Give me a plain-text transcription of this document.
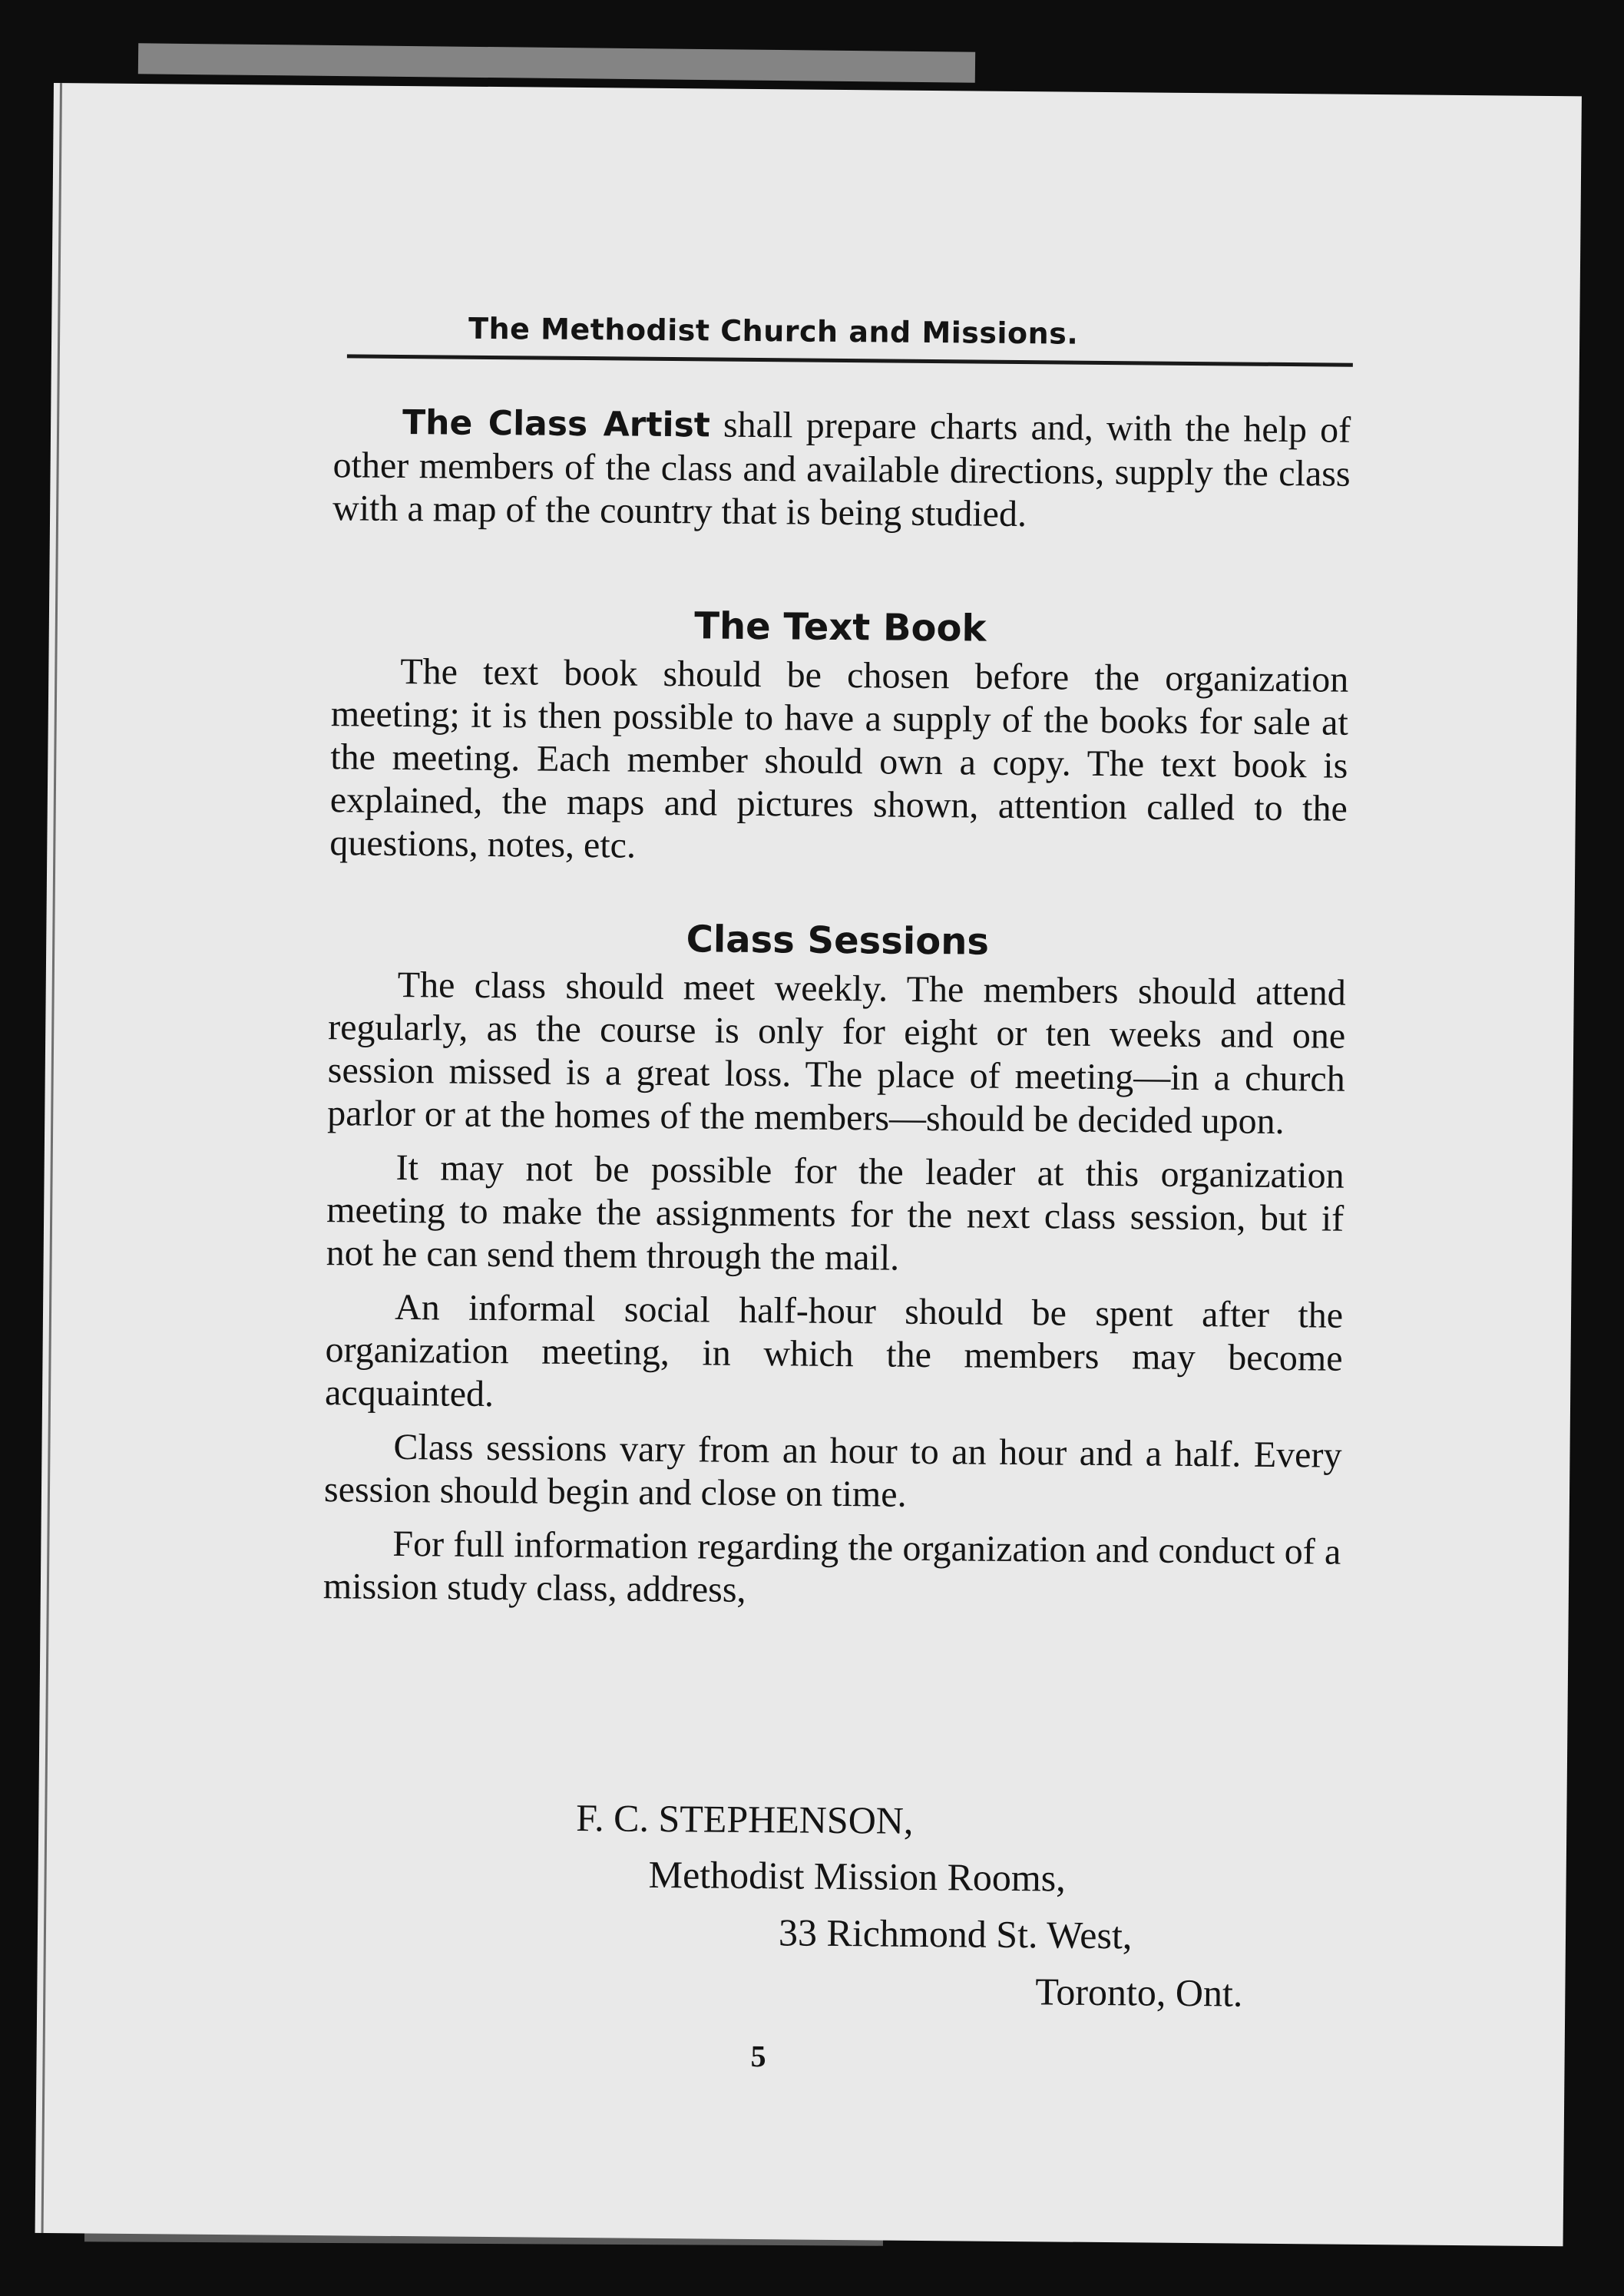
The Methodist Church and Missions.

The Class Artist shall prepare charts and, with the help of other members of the class and available directions, supply the class with a map of the country that is being studied.

The Text Book

The text book should be chosen before the organization meeting; it is then possible to have a supply of the books for sale at the meeting. Each member should own a copy. The text book is explained, the maps and pictures shown, attention called to the questions, notes, etc.

Class Sessions

The class should meet weekly. The members should attend regularly, as the course is only for eight or ten weeks and one session missed is a great loss. The place of meeting—in a church parlor or at the homes of the members—should be decided upon.

It may not be possible for the leader at this organization meeting to make the assignments for the next class session, but if not he can send them through the mail.

An informal social half-hour should be spent after the organization meeting, in which the members may become acquainted.

Class sessions vary from an hour to an hour and a half. Every session should begin and close on time.

For full information regarding the organization and conduct of a mission study class, address,

F. C. STEPHENSON,
Methodist Mission Rooms,
33 Richmond St. West,
Toronto, Ont.
5
